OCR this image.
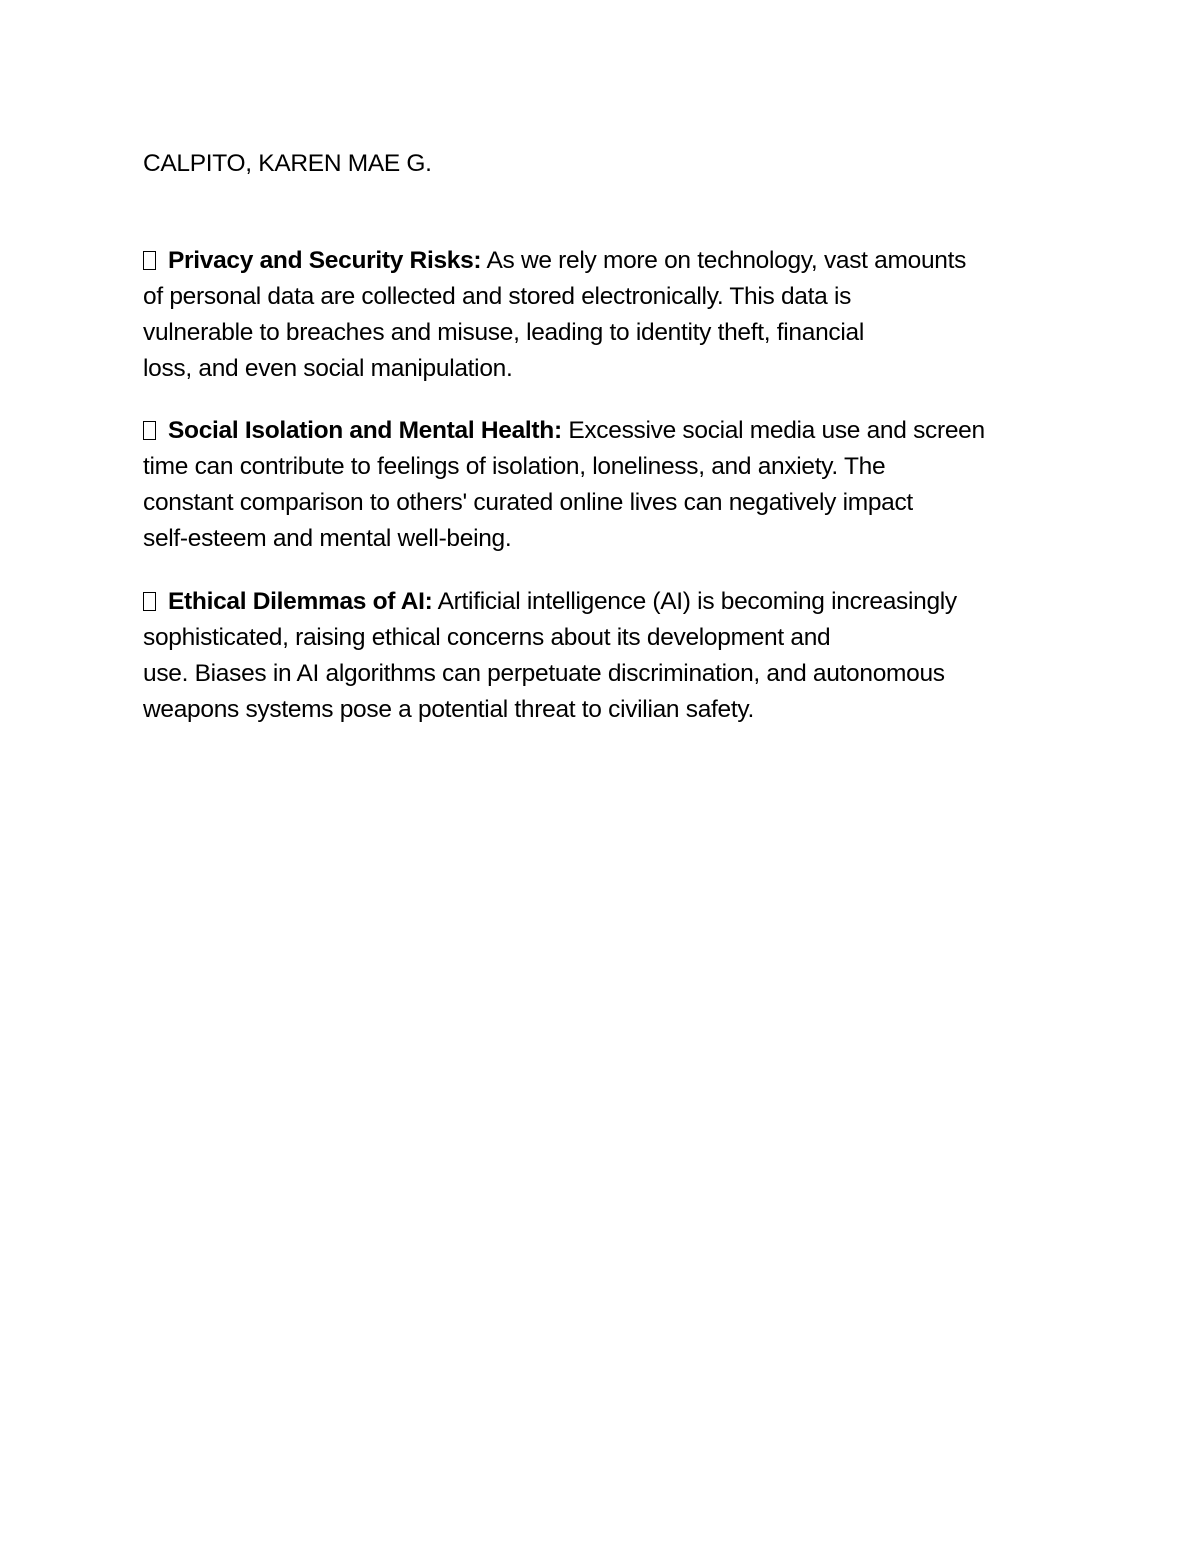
CALPITO, KAREN MAE G.
Privacy and Security Risks: As we rely more on technology, vast amounts
of personal data are collected and stored electronically. This data is
vulnerable to breaches and misuse, leading to identity theft, financial
loss, and even social manipulation.
Social Isolation and Mental Health: Excessive social media use and screen
time can contribute to feelings of isolation, loneliness, and anxiety. The
constant comparison to others' curated online lives can negatively impact
self-esteem and mental well-being.
Ethical Dilemmas of AI: Artificial intelligence (AI) is becoming increasingly
sophisticated, raising ethical concerns about its development and
use. Biases in AI algorithms can perpetuate discrimination, and autonomous
weapons systems pose a potential threat to civilian safety.
